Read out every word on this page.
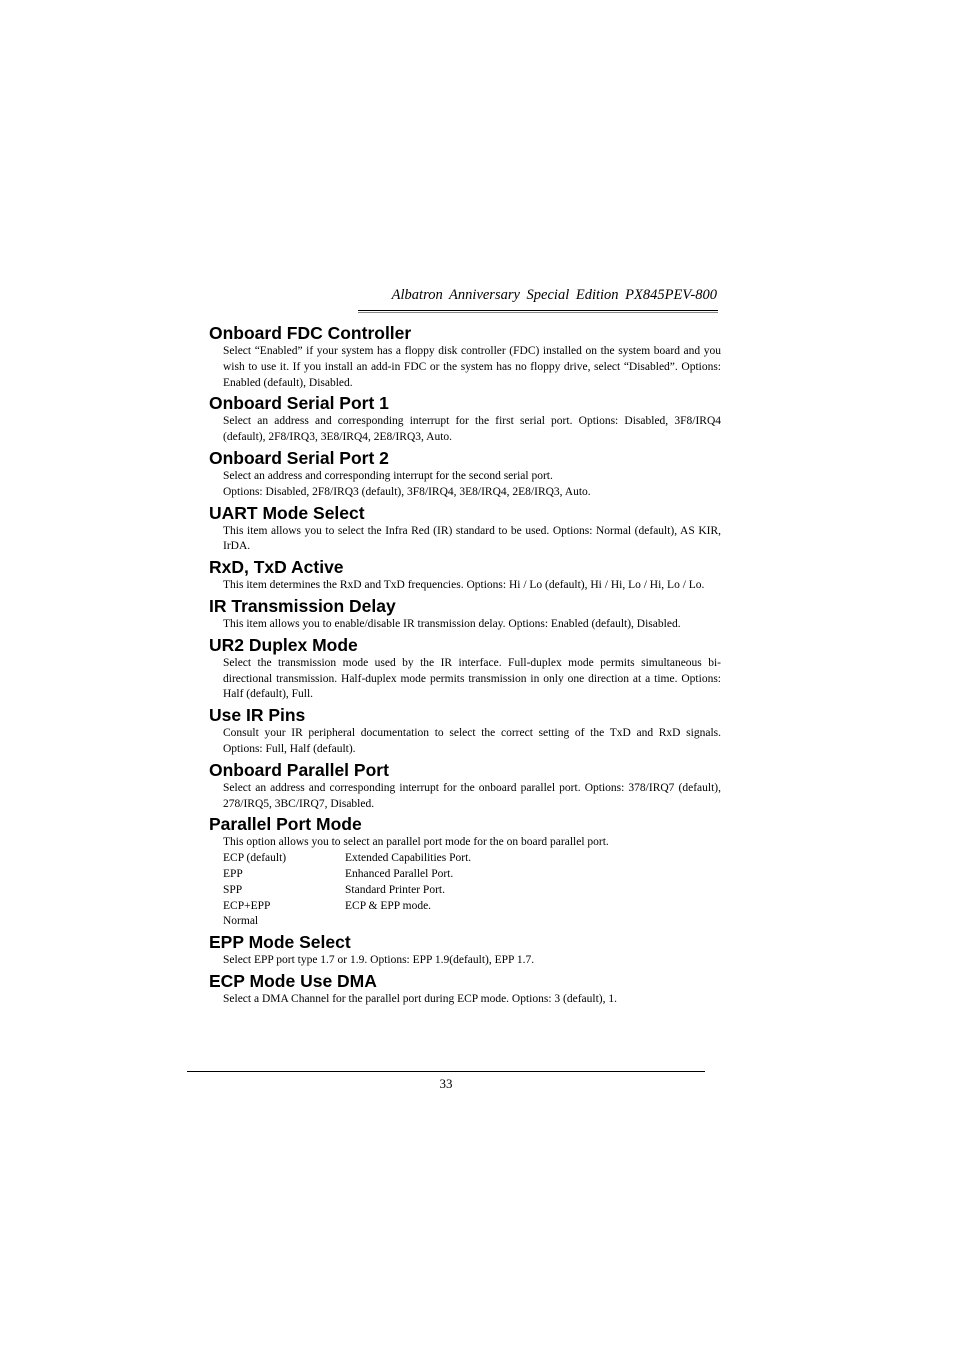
Albatron Anniversary Special Edition PX845PEV-800
Onboard FDC Controller

Select “Enabled” if your system has a floppy disk controller (FDC) installed on the system board and you wish to use it. If you install an add-in FDC or the system has no floppy drive, select “Disabled”. Options: Enabled (default), Disabled.

Onboard Serial Port 1

Select an address and corresponding interrupt for the first serial port. Options: Disabled, 3F8/IRQ4 (default), 2F8/IRQ3, 3E8/IRQ4, 2E8/IRQ3, Auto.

Onboard Serial Port 2

Select an address and corresponding interrupt for the second serial port.

Options: Disabled, 2F8/IRQ3 (default), 3F8/IRQ4, 3E8/IRQ4, 2E8/IRQ3, Auto.

UART Mode Select

This item allows you to select the Infra Red (IR) standard to be used. Options: Normal (default), AS KIR, IrDA.

RxD, TxD Active

This item determines the RxD and TxD frequencies. Options: Hi / Lo (default), Hi / Hi, Lo / Hi, Lo / Lo.

IR Transmission Delay

This item allows you to enable/disable IR transmission delay. Options: Enabled (default), Disabled.

UR2 Duplex Mode

Select the transmission mode used by the IR interface. Full-duplex mode permits simultaneous bi-directional transmission. Half-duplex mode permits transmission in only one direction at a time. Options: Half (default), Full.

Use IR Pins

Consult your IR peripheral documentation to select the correct setting of the TxD and RxD signals. Options: Full, Half (default).

Onboard Parallel Port

Select an address and corresponding interrupt for the onboard parallel port. Options: 378/IRQ7 (default), 278/IRQ5, 3BC/IRQ7, Disabled.

Parallel Port Mode

This option allows you to select an parallel port mode for the on board parallel port.

ECP (default)	Extended Capabilities Port.
EPP	Enhanced Parallel Port.
SPP	Standard Printer Port.
ECP+EPP	ECP & EPP mode.
Normal
EPP Mode Select

Select EPP port type 1.7 or 1.9. Options: EPP 1.9(default), EPP 1.7.

ECP Mode Use DMA

Select a DMA Channel for the parallel port during ECP mode. Options: 3 (default), 1.

33
